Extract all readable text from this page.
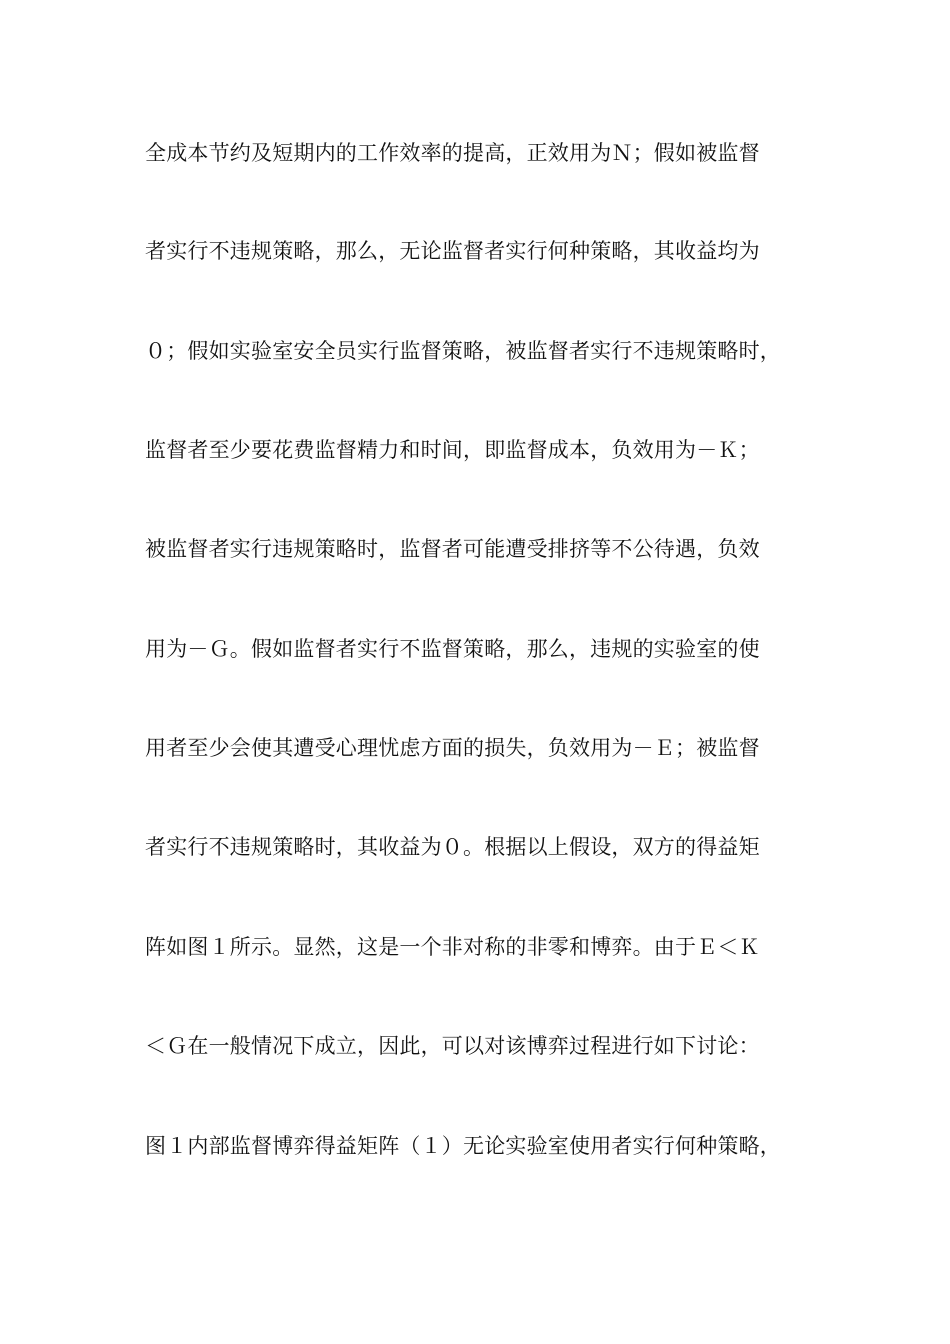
全成本节约及短期内的工作效率的提高，正效用为Ｎ；假如被监督
者实行不违规策略，那么，无论监督者实行何种策略，其收益均为
０；假如实验室安全员实行监督策略，被监督者实行不违规策略时，
监督者至少要花费监督精力和时间，即监督成本，负效用为－Ｋ；
被监督者实行违规策略时，监督者可能遭受排挤等不公待遇，负效
用为－Ｇ。假如监督者实行不监督策略，那么，违规的实验室的使
用者至少会使其遭受心理忧虑方面的损失，负效用为－Ｅ；被监督
者实行不违规策略时，其收益为０。根据以上假设，双方的得益矩
阵如图１所示。显然，这是一个非对称的非零和博弈。由于Ｅ＜Ｋ
＜Ｇ在一般情况下成立，因此，可以对该博弈过程进行如下讨论：
图１内部监督博弈得益矩阵（１）无论实验室使用者实行何种策略，
